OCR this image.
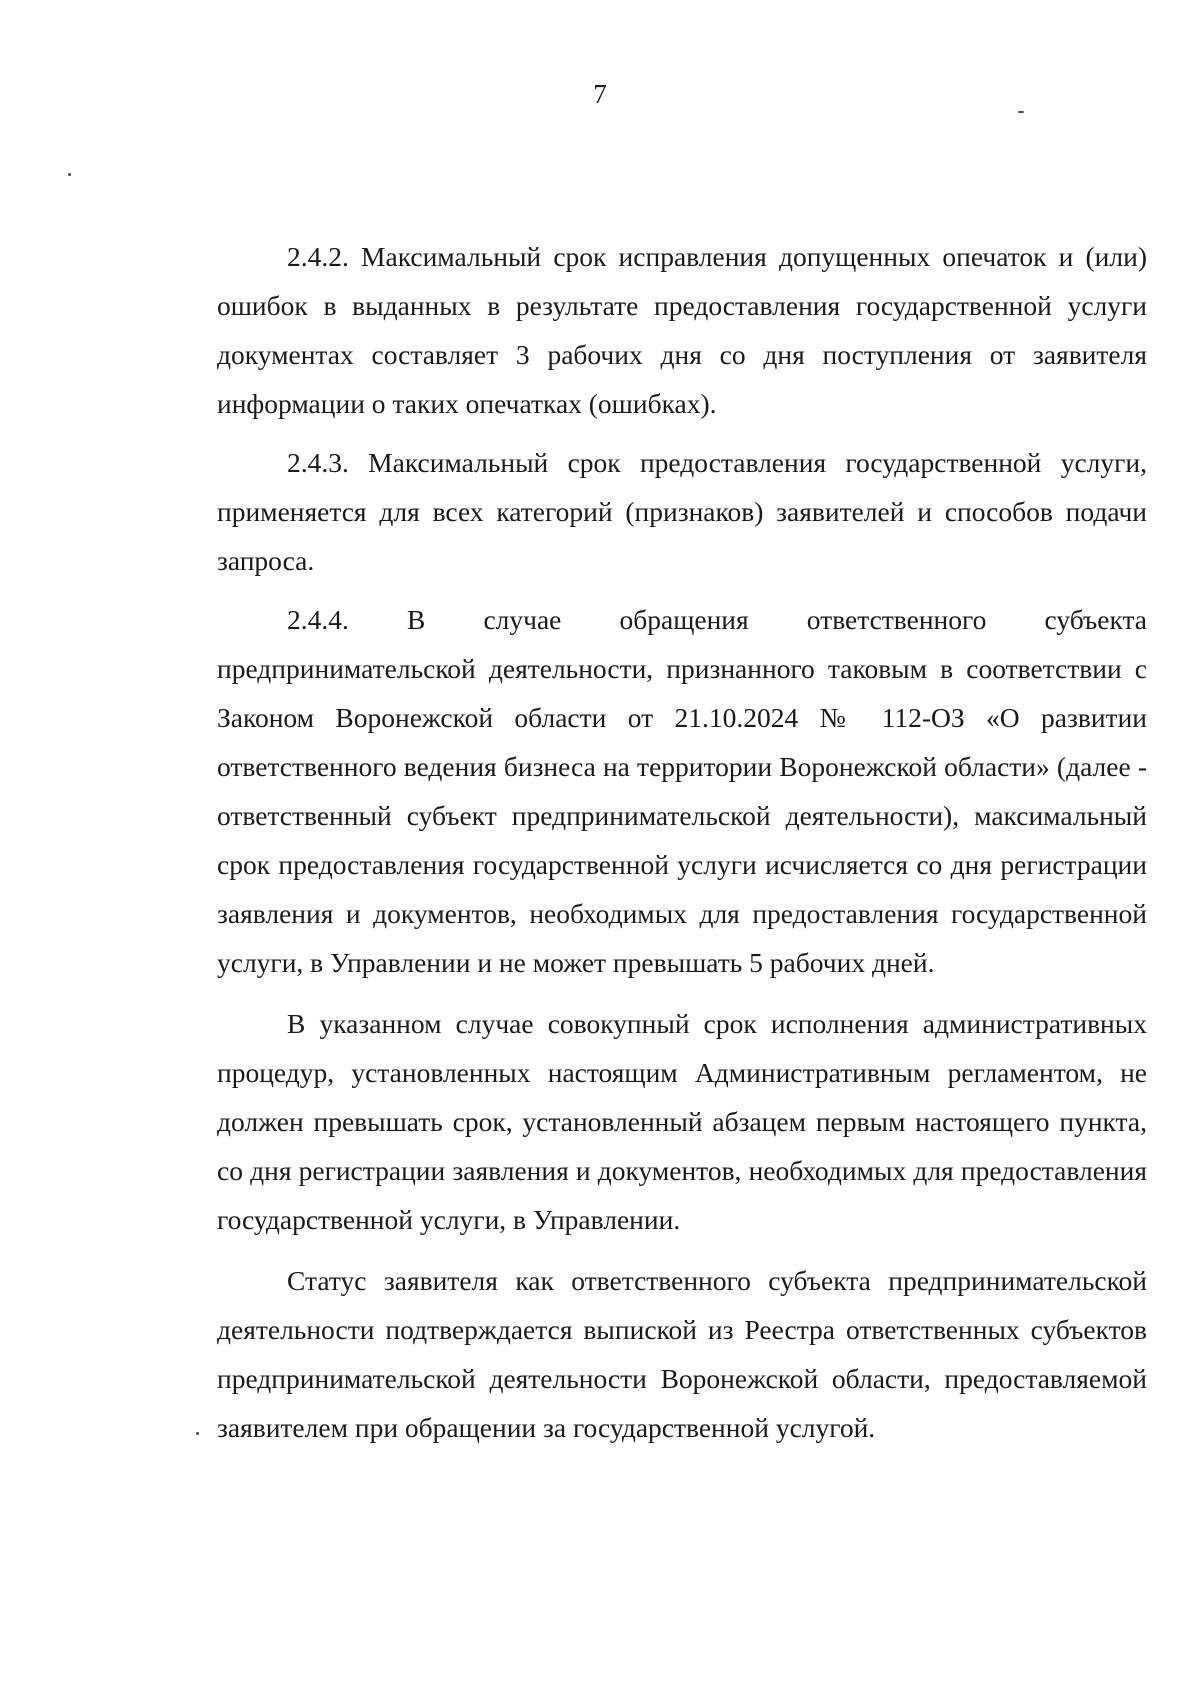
7

2.4.2. Максимальный срок исправления допущенных опечаток и (или) ошибок в выданных в результате предоставления государственной услуги документах составляет 3 рабочих дня со дня поступления от заявителя информации о таких опечатках (ошибках).

2.4.3. Максимальный срок предоставления государственной услуги, применяется для всех категорий (признаков) заявителей и способов подачи запроса.

2.4.4. В случае обращения ответственного субъекта предпринимательской деятельности, признанного таковым в соответствии с Законом Воронежской области от 21.10.2024 № 112-ОЗ «О развитии ответственного ведения бизнеса на территории Воронежской области» (далее - ответственный субъект предпринимательской деятельности), максимальный срок предоставления государственной услуги исчисляется со дня регистрации заявления и документов, необходимых для предоставления государственной услуги, в Управлении и не может превышать 5 рабочих дней.

В указанном случае совокупный срок исполнения административных процедур, установленных настоящим Административным регламентом, не должен превышать срок, установленный абзацем первым настоящего пункта, со дня регистрации заявления и документов, необходимых для предоставления государственной услуги, в Управлении.

Статус заявителя как ответственного субъекта предпринимательской деятельности подтверждается выпиской из Реестра ответственных субъектов предпринимательской деятельности Воронежской области, предоставляемой заявителем при обращении за государственной услугой.
